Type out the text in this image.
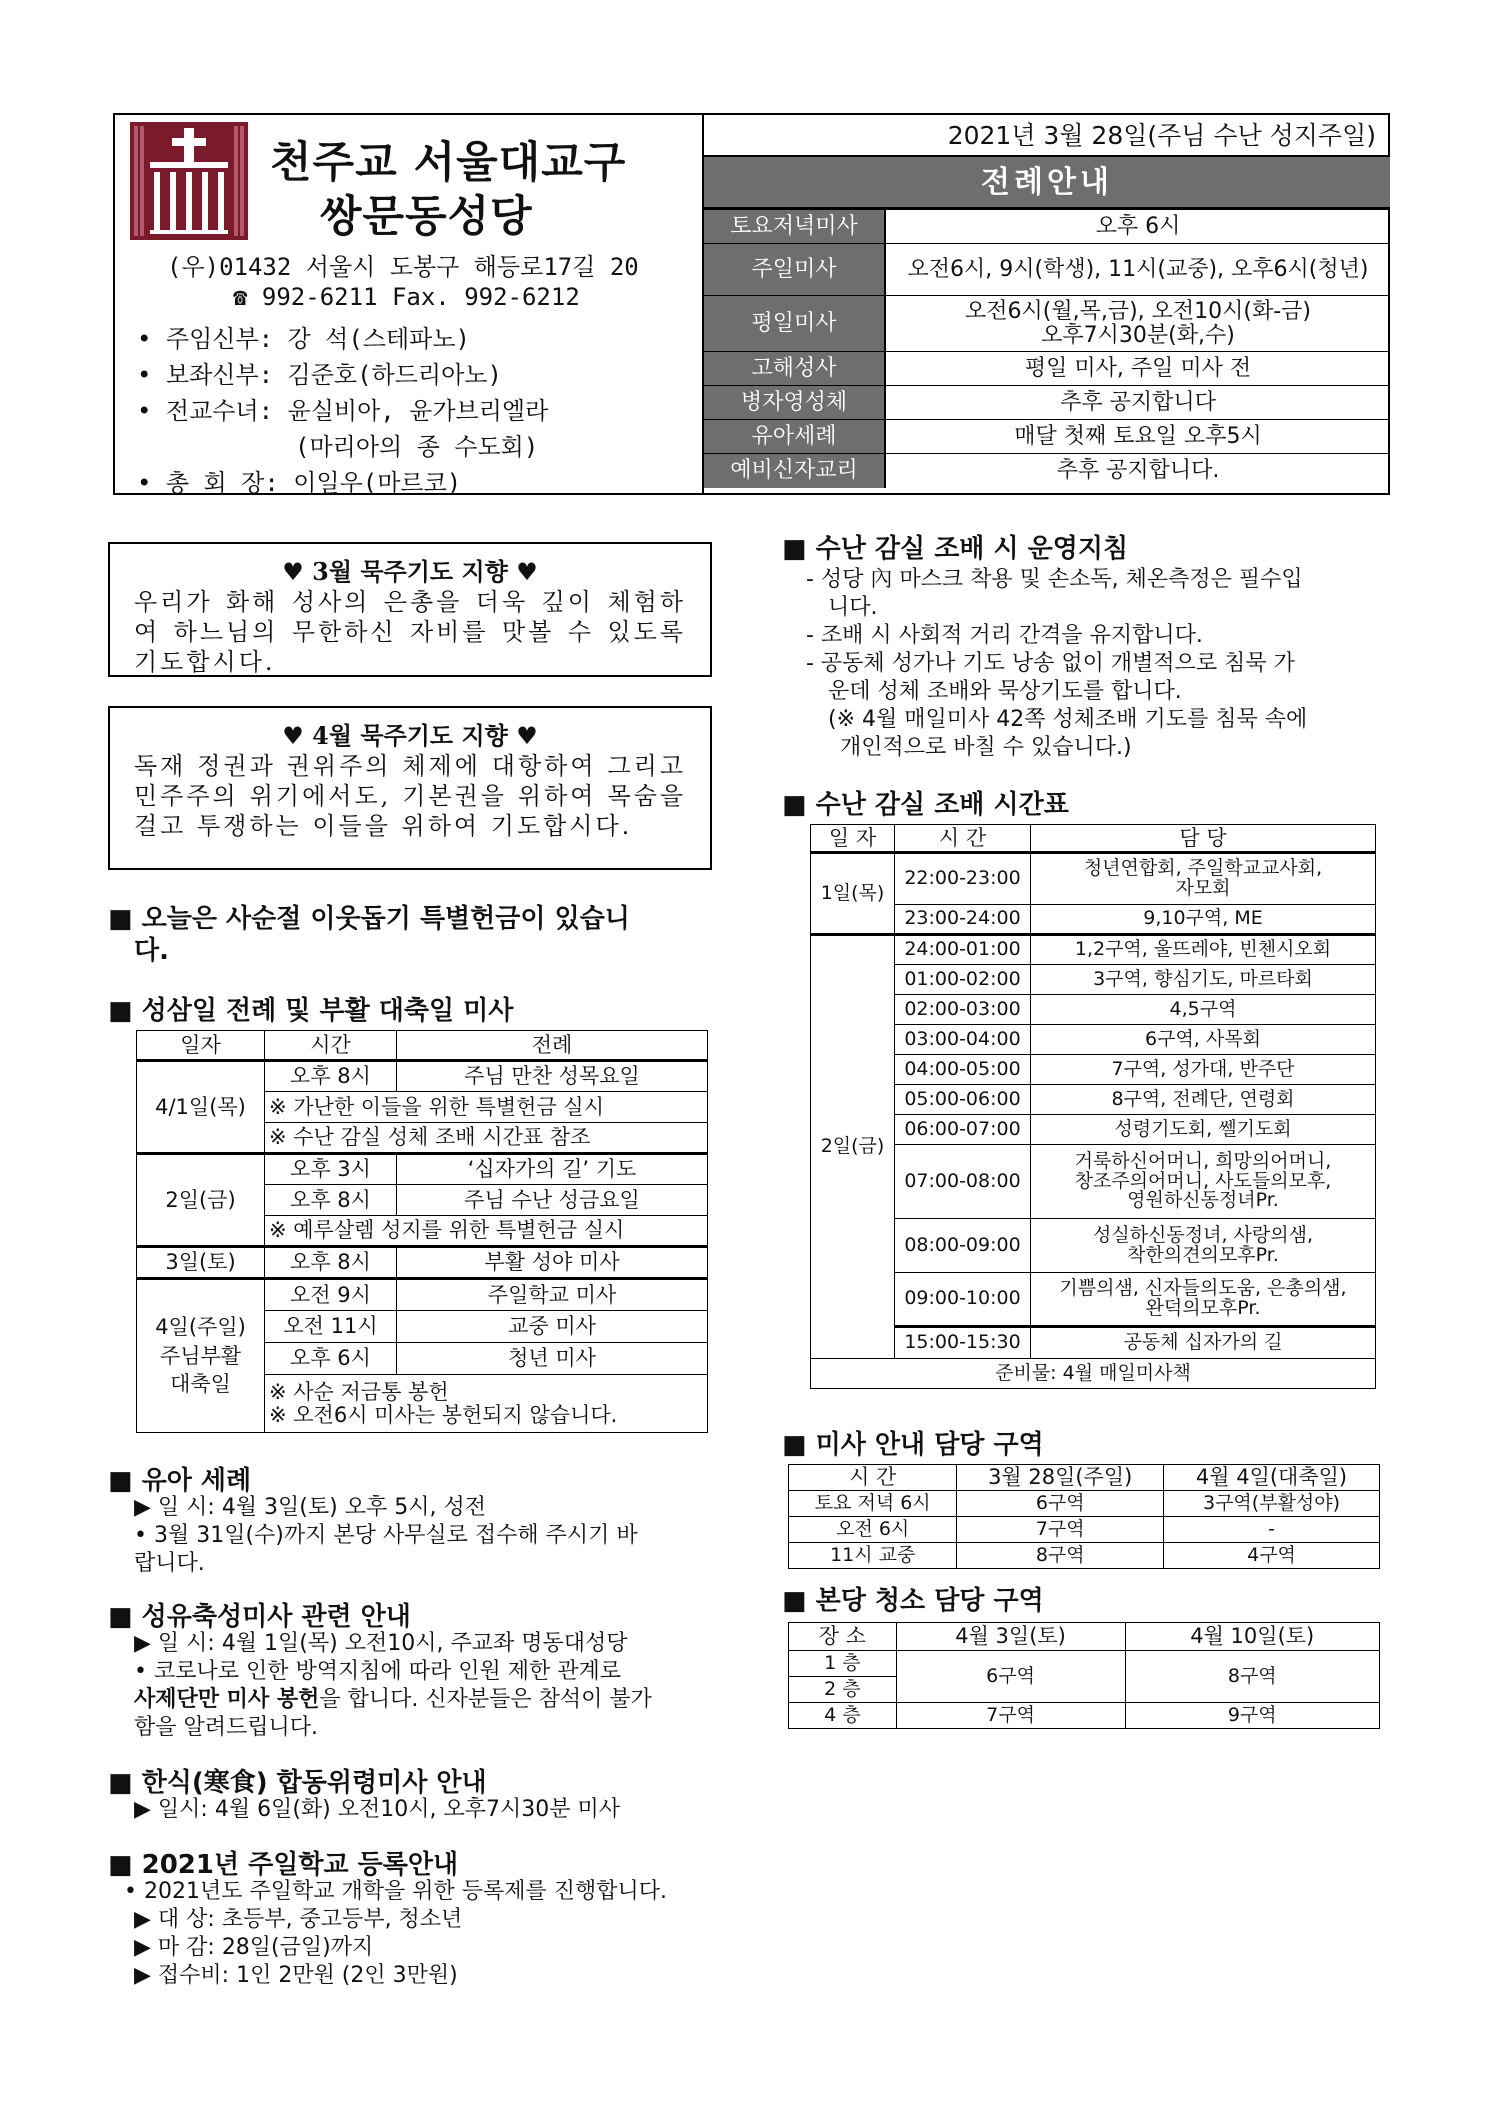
천주교 서울대교구
쌍문동성당
(우)01432 서울시 도봉구 해등로17길 20
☎ 992-6211 Fax. 992-6212
• 주임신부: 강 석(스테파노)
• 보좌신부: 김준호(하드리아노)
• 전교수녀: 윤실비아, 윤가브리엘라
(마리아의 종 수도회)
• 총 회 장: 이일우(마르코)
2021년 3월 28일(주님 수난 성지주일)
전례안내
토요저녁미사	오후 6시
주일미사	오전6시, 9시(학생), 11시(교중), 오후6시(청년)
평일미사	오전6시(월,목,금), 오전10시(화-금)
오후7시30분(화,수)

고해성사	평일 미사, 주일 미사 전
병자영성체	추후 공지합니다
유아세례	매달 첫째 토요일 오후5시
예비신자교리	추후 공지합니다.
♥ 3월 묵주기도 지향 ♥
우리가 화해 성사의 은총을 더욱 깊이 체험하여 하느님의 무한하신 자비를 맛볼 수 있도록 기도합시다.
♥ 4월 묵주기도 지향 ♥
독재 정권과 권위주의 체제에 대항하여 그리고 민주주의 위기에서도, 기본권을 위하여 목숨을 걸고 투쟁하는 이들을 위하여 기도합시다.
■ 오늘은 사순절 이웃돕기 특별헌금이 있습니
다.
■ 성삼일 전례 및 부활 대축일 미사
일자	시간	전례
4/1일(목)	오후 8시	주님 만찬 성목요일
	※ 가난한 이들을 위한 특별헌금 실시	
	※ 수난 감실 성체 조배 시간표 참조	
2일(금)	오후 3시	‘십자가의 길’ 기도
	오후 8시	주님 수난 성금요일
	※ 예루살렘 성지를 위한 특별헌금 실시	
3일(토)	오후 8시	부활 성야 미사

4일(주일)
주님부활
대축일	오전 9시	주일학교 미사
	오전 11시	교중 미사
	오후 6시	청년 미사

	※ 사순 저금통 봉헌
※ 오전6시 미사는 봉헌되지 않습니다.	
■ 유아 세례
▶ 일 시: 4월 3일(토) 오후 5시, 성전
• 3월 31일(수)까지 본당 사무실로 접수해 주시기 바
랍니다.
■ 성유축성미사 관련 안내
▶ 일 시: 4월 1일(목) 오전10시, 주교좌 명동대성당
• 코로나로 인한 방역지침에 따라 인원 제한 관계로
사제단만 미사 봉헌을 합니다. 신자분들은 참석이 불가
함을 알려드립니다.
■ 한식(寒食) 합동위령미사 안내
▶ 일시: 4월 6일(화) 오전10시, 오후7시30분 미사
■ 2021년 주일학교 등록안내
• 2021년도 주일학교 개학을 위한 등록제를 진행합니다.
▶ 대 상: 초등부, 중고등부, 청소년
▶ 마 감: 28일(금일)까지
▶ 접수비: 1인 2만원 (2인 3만원)
■ 수난 감실 조배 시 운영지침
- 성당 內 마스크 착용 및 손소독, 체온측정은 필수입
니다.
- 조배 시 사회적 거리 간격을 유지합니다.
- 공동체 성가나 기도 낭송 없이 개별적으로 침묵 가
운데 성체 조배와 묵상기도를 합니다.
(※ 4월 매일미사 42쪽 성체조배 기도를 침묵 속에
개인적으로 바칠 수 있습니다.)
■ 수난 감실 조배 시간표
일 자	시 간	담 당
1일(목)	22:00-23:00	청년연합회, 주일학교교사회,
자모회

	23:00-24:00	9,10구역, ME
2일(금)	24:00-01:00	1,2구역, 울뜨레야, 빈첸시오회
	01:00-02:00	3구역, 향심기도, 마르타회
	02:00-03:00	4,5구역
	03:00-04:00	6구역, 사목회
	04:00-05:00	7구역, 성가대, 반주단
	05:00-06:00	8구역, 전례단, 연령회
	06:00-07:00	성령기도회, 쎌기도회
	07:00-08:00	거룩하신어머니, 희망의어머니,
창조주의어머니, 사도들의모후,
영원하신동정녀Pr.

	08:00-09:00	성실하신동정녀, 사랑의샘,
착한의견의모후Pr.

	09:00-10:00	기쁨의샘, 신자들의도움, 은총의샘,
완덕의모후Pr.

	15:00-15:30	공동체 십자가의 길
준비물: 4월 매일미사책		
■ 미사 안내 담당 구역
시 간	3월 28일(주일)	4월 4일(대축일)
토요 저녁 6시	6구역	3구역(부활성야)
오전 6시	7구역	-
11시 교중	8구역	4구역
■ 본당 청소 담당 구역
장 소	4월 3일(토)	4월 10일(토)
1 층	6구역	8구역
2 층		
4 층	7구역	9구역
